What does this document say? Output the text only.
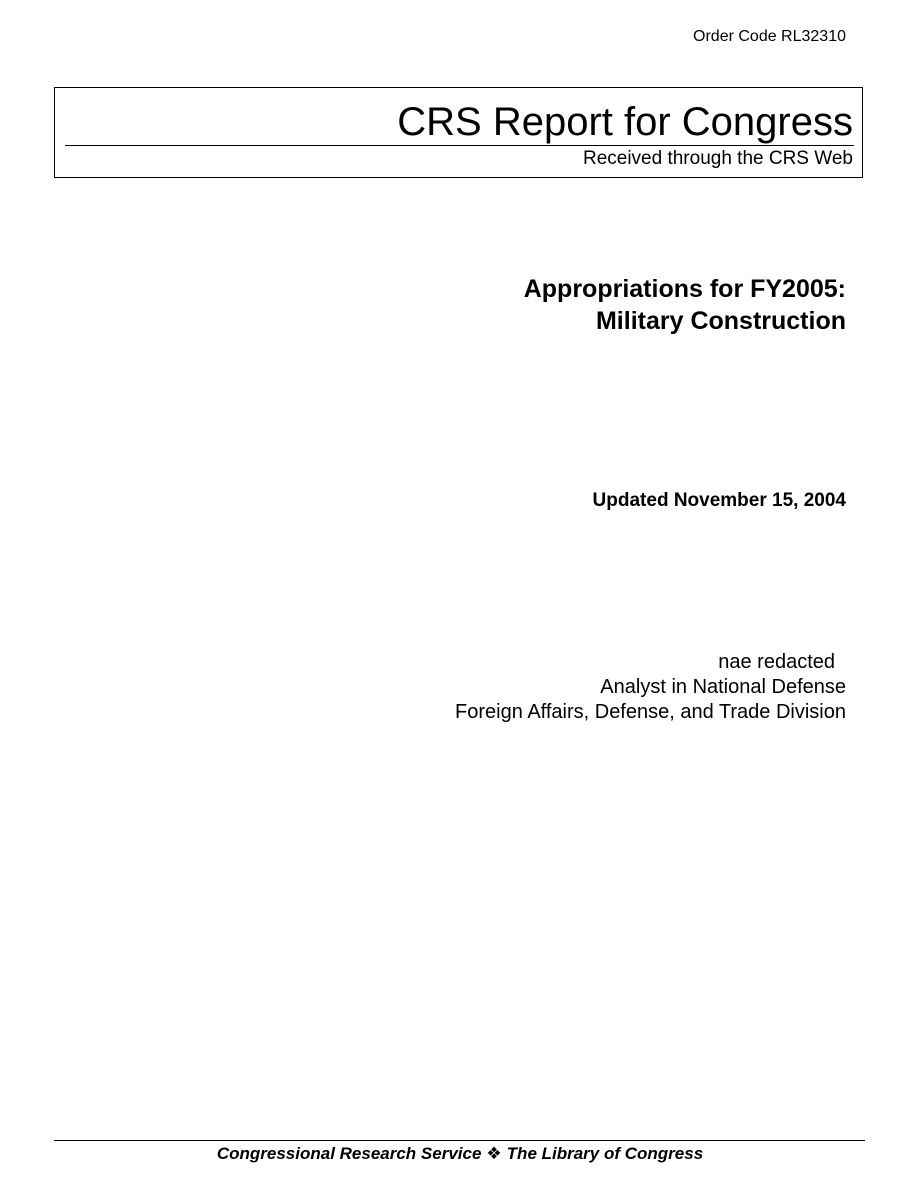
Order Code RL32310
CRS Report for Congress
Received through the CRS Web
Appropriations for FY2005:
Military Construction
Updated November 15, 2004
nae redacted
Analyst in National Defense
Foreign Affairs, Defense, and Trade Division
Congressional Research Service ❖ The Library of Congress
